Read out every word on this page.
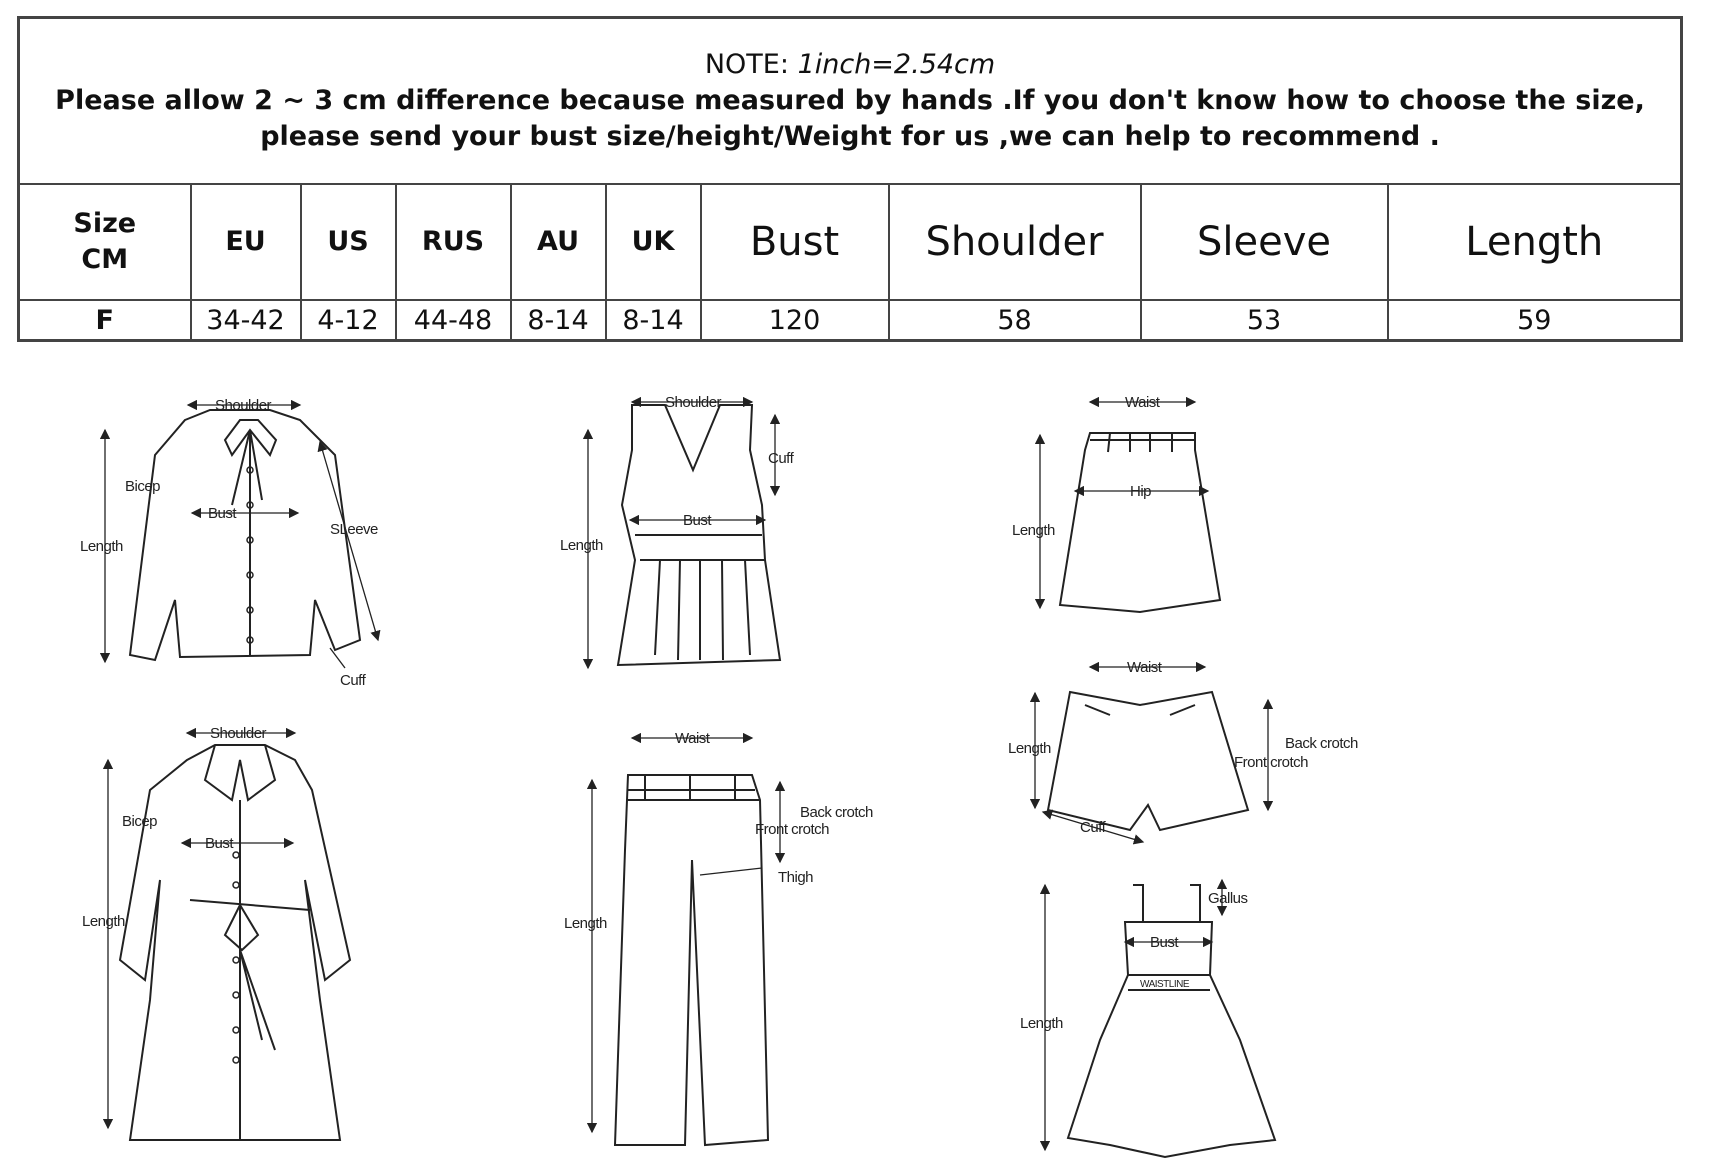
NOTE: 1inch=2.54cm
Please allow 2 ~ 3 cm difference because measured by hands .If you don't know how to choose the size, please send your bust size/height/Weight for us ,we can help to recommend .									

Size
CM	EU	US	RUS	AU	UK	Bust	Shoulder	Sleeve	Length
F	34-42	4-12	44-48	8-14	8-14	120	58	53	59
Shoulder
Length
Bust
Bicep
SLeeve
Cuff
Shoulder
Cuff
Bust
Length
Waist
Hip
Length
Shoulder
Bicep
Bust
Length
Waist
Back crotch
Front crotch
Thigh
Length
Waist
Length	Back crotch
Front crotch
Cuff
Gallus
Bust
WAISTLINE
Length
